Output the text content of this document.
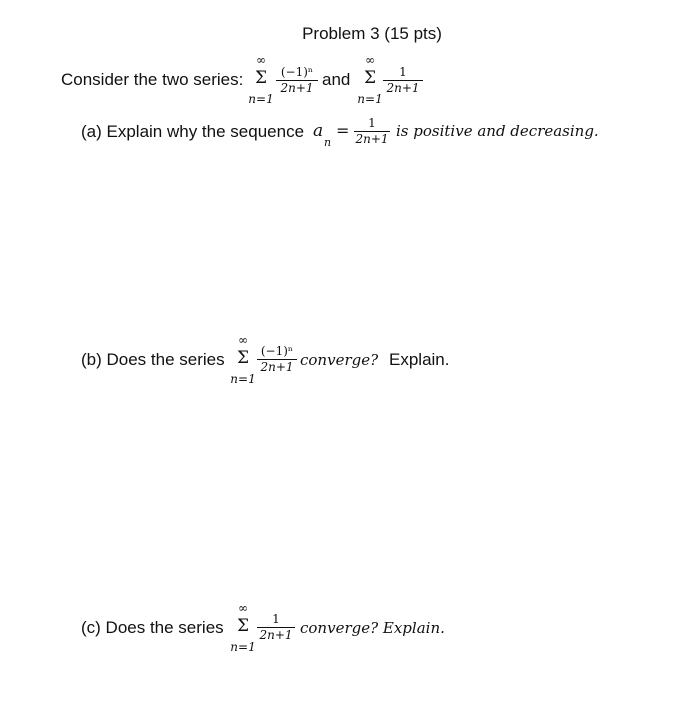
Problem 3 (15 pts)
Consider the two series:
∞
Σ
n=1
(−1)ⁿ
2n+1 and
∞
Σ
n=1
1
2n+1
(a) Explain why the sequence a
n
=	1
2n+1 is positive and decreasing.
(b) Does the series
∞
Σ
n=1
(−1)ⁿ
2n+1 converge? Explain.
(c) Does the series
∞
Σ
n=1
1
2n+1 converge? Explain.
